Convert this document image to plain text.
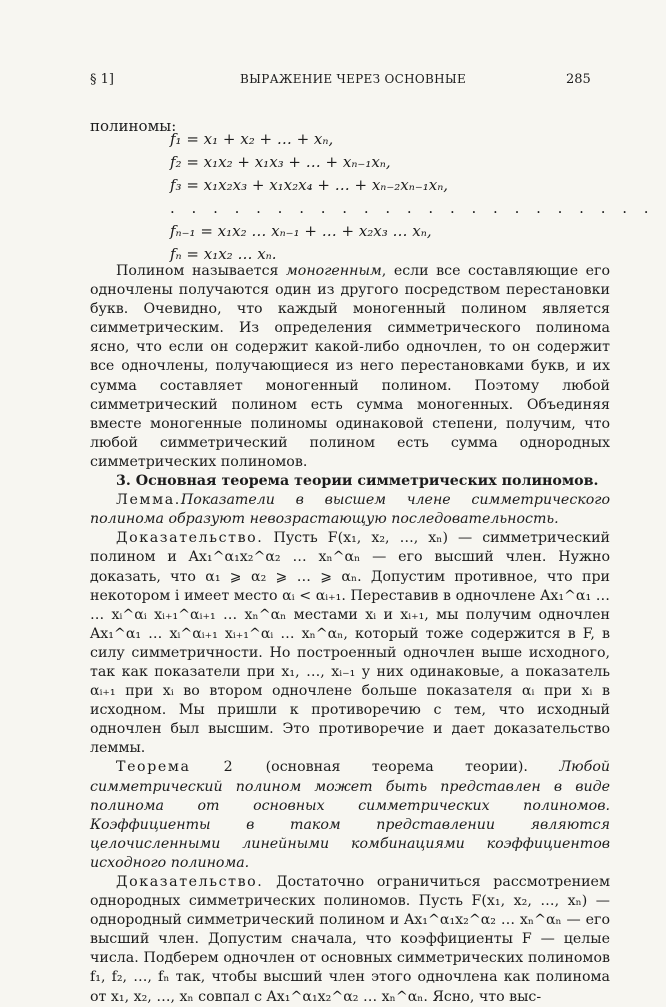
§ 1]	ВЫРАЖЕНИЕ ЧЕРЕЗ ОСНОВНЫЕ	285
полиномы:
f₁ = x₁ + x₂ + … + xₙ,
f₂ = x₁x₂ + x₁x₃ + … + xₙ₋₁xₙ,
f₃ = x₁x₂x₃ + x₁x₂x₄ + … + xₙ₋₂xₙ₋₁xₙ,
. . . . . . . . . . . . . . . . . . . . . . .
fₙ₋₁ = x₁x₂ … xₙ₋₁ + … + x₂x₃ … xₙ,
fₙ = x₁x₂ … xₙ.

Полином называется моногенным, если все составляющие его одночлены получаются один из другого посредством перестановки букв. Очевидно, что каждый моногенный полином является симметрическим. Из определения симметрического полинома ясно, что если он содержит какой-либо одночлен, то он содержит все одночлены, получающиеся из него перестановками букв, и их сумма составляет моногенный полином. Поэтому любой симметрический полином есть сумма моногенных. Объединяя вместе моногенные полиномы одинаковой степени, получим, что любой симметрический полином есть сумма однородных симметрических полиномов.

3. Основная теорема теории симметрических полиномов.

Лемма.Показатели в высшем члене симметрического полинома образуют невозрастающую последовательность.

Доказательство. Пусть F(x₁, x₂, …, xₙ) — симметрический полином и Ax₁^α₁x₂^α₂ … xₙ^αₙ — его высший член. Нужно доказать, что α₁ ⩾ α₂ ⩾ … ⩾ αₙ. Допустим противное, что при некотором i имеет место αᵢ < αᵢ₊₁. Переставив в одночлене Ax₁^α₁ … … xᵢ^αᵢ xᵢ₊₁^αᵢ₊₁ … xₙ^αₙ местами xᵢ и xᵢ₊₁, мы получим одночлен Ax₁^α₁ … xᵢ^αᵢ₊₁ xᵢ₊₁^αᵢ … xₙ^αₙ, который тоже содержится в F, в силу симметричности. Но построенный одночлен выше исходного, так как показатели при x₁, …, xᵢ₋₁ у них одинаковые, а показатель αᵢ₊₁ при xᵢ во втором одночлене больше показателя αᵢ при xᵢ в исходном. Мы пришли к противоречию с тем, что исходный одночлен был высшим. Это противоречие и дает доказательство леммы.

Теорема 2 (основная теорема теории). Любой симметрический полином может быть представлен в виде полинома от основных симметрических полиномов. Коэффициенты в таком представлении являются целочисленными линейными комбинациями коэффициентов исходного полинома.

Доказательство. Достаточно ограничиться рассмотрением однородных симметрических полиномов. Пусть F(x₁, x₂, …, xₙ) — однородный симметрический полином и Ax₁^α₁x₂^α₂ … xₙ^αₙ — его высший член. Допустим сначала, что коэффициенты F — целые числа. Подберем одночлен от основных симметрических полиномов f₁, f₂, …, fₙ так, чтобы высший член этого одночлена как полинома от x₁, x₂, …, xₙ совпал с Ax₁^α₁x₂^α₂ … xₙ^αₙ. Ясно, что выс-
